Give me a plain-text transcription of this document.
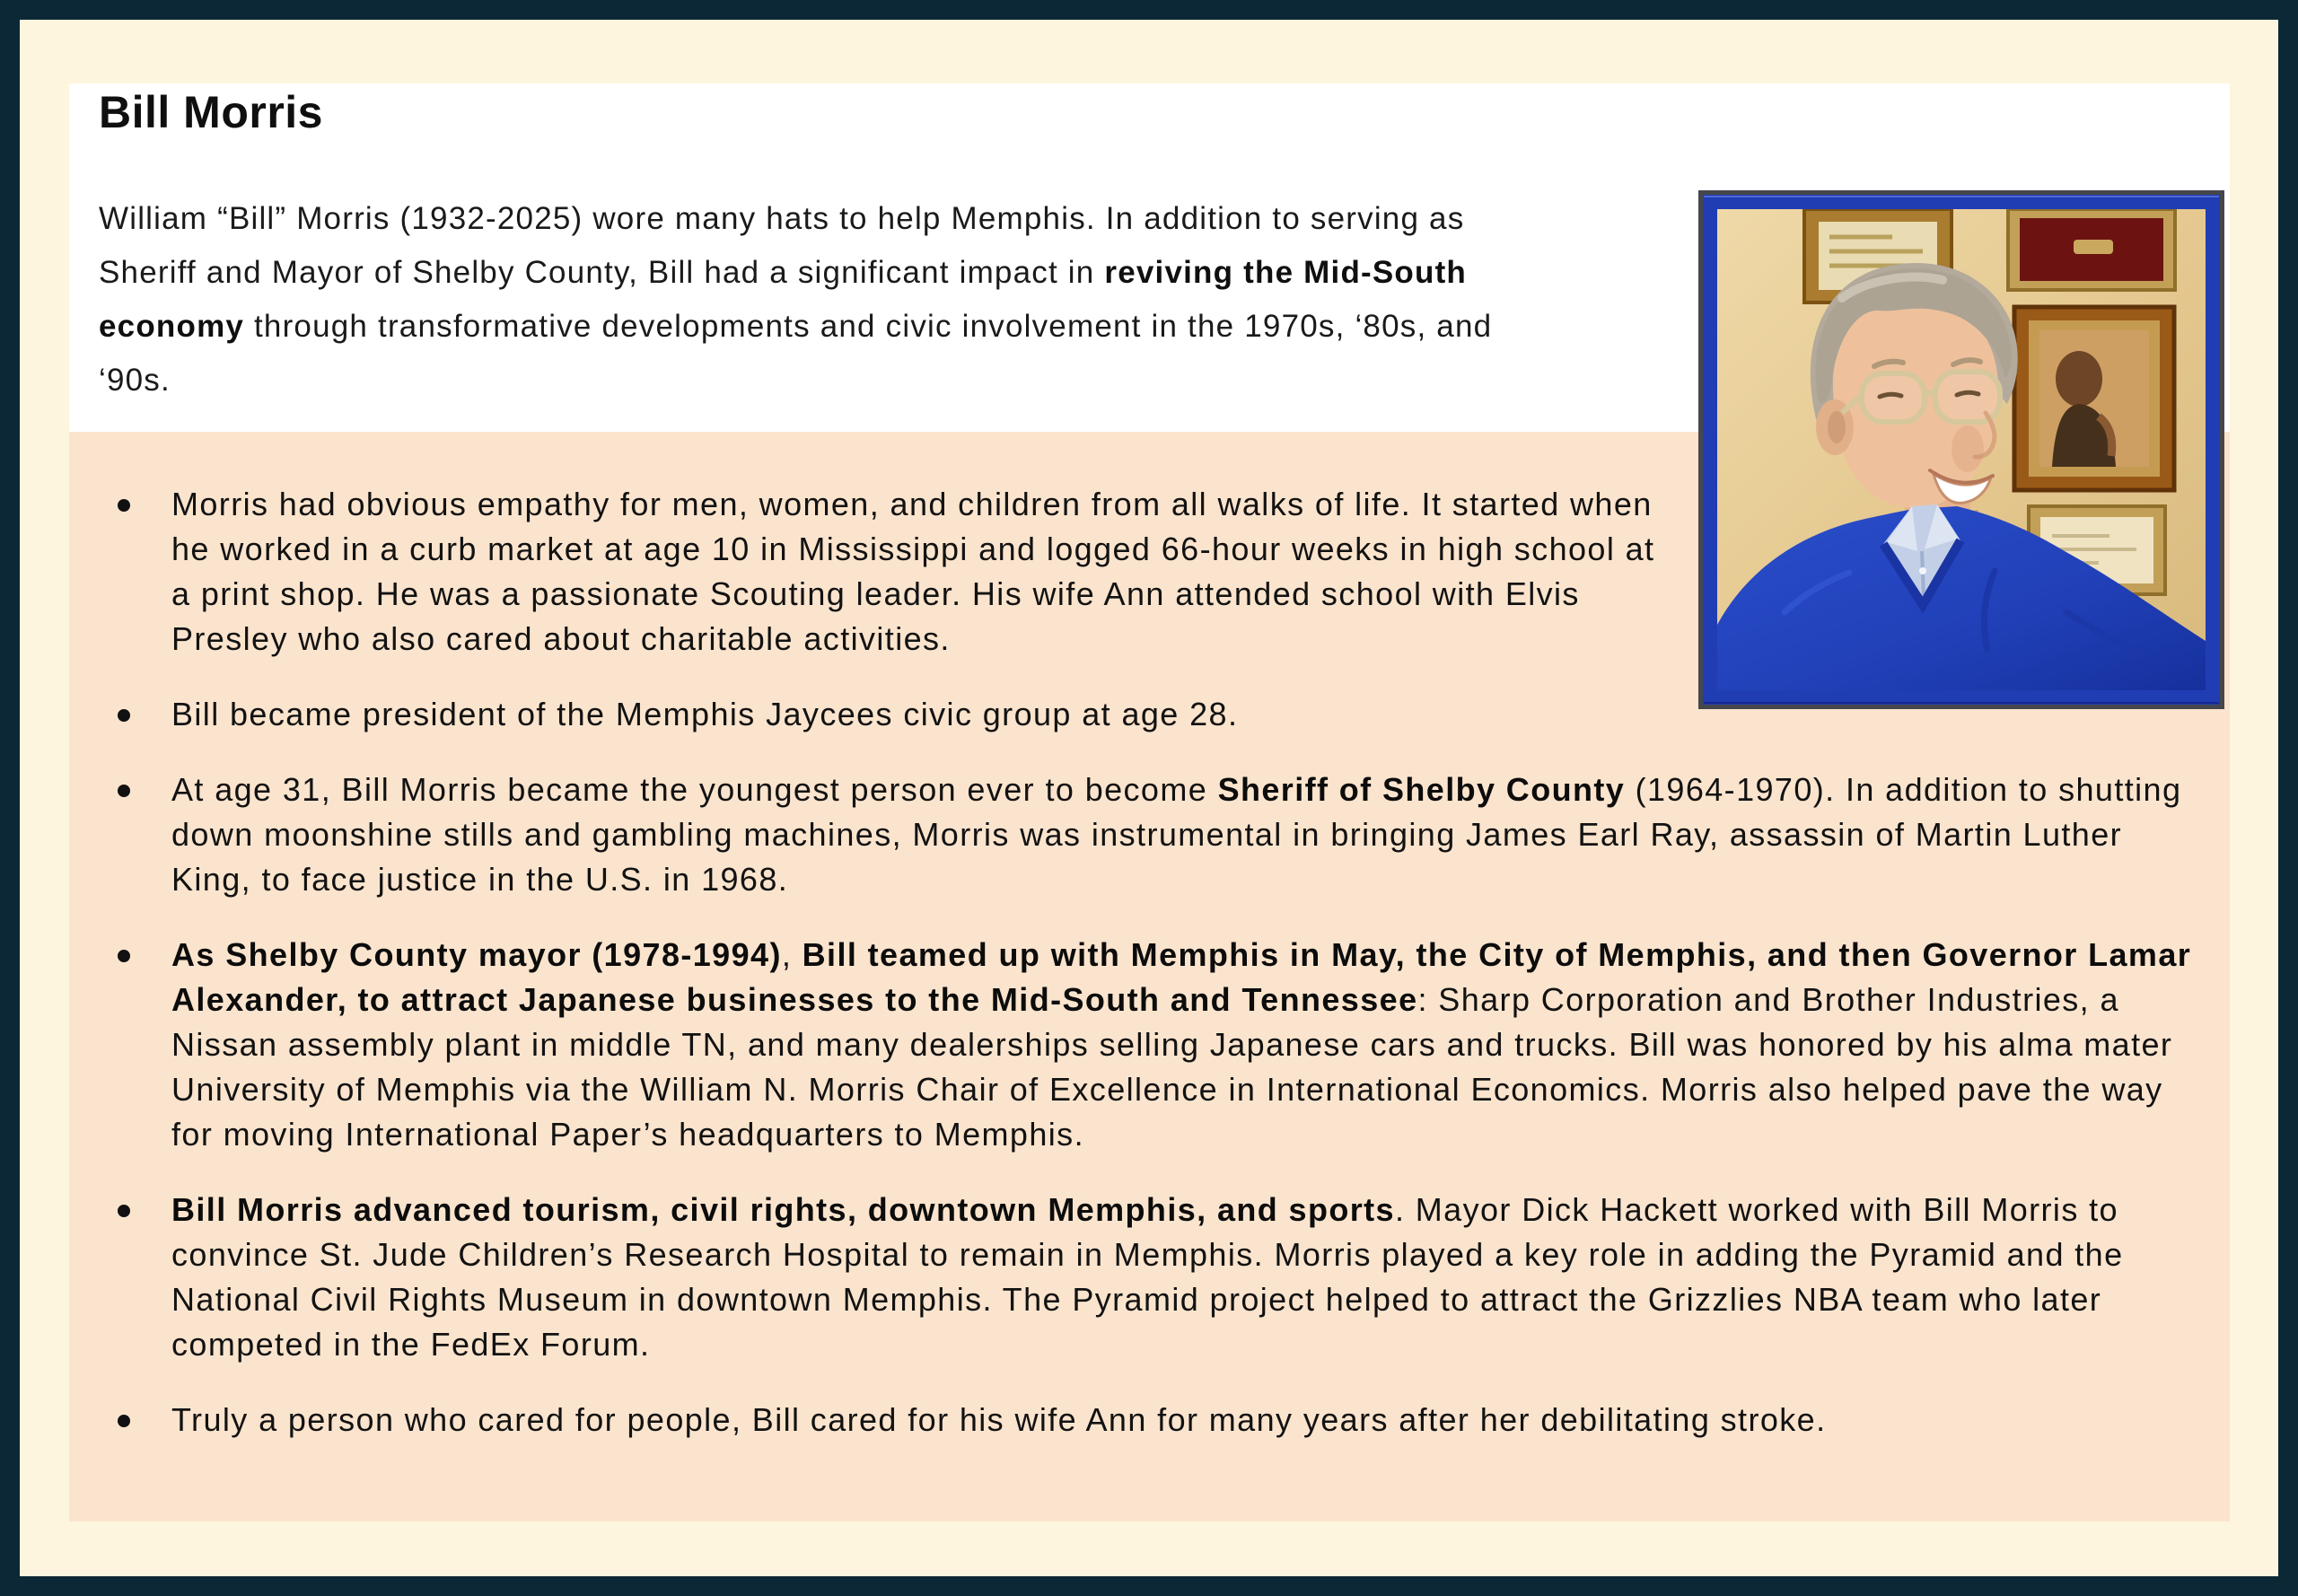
Bill Morris

William “Bill” Morris (1932-2025) wore many hats to help Memphis. In addition to serving as Sheriff and Mayor of Shelby County, Bill had a significant impact in reviving the Mid-South economy through transformative developments and civic involvement in the 1970s, ‘80s, and ‘90s.

Morris had obvious empathy for men, women, and children from all walks of life. It started when he worked in a curb market at age 10 in Mississippi and logged 66-hour weeks in high school at a print shop. He was a passionate Scouting leader. His wife Ann attended school with Elvis Presley who also cared about charitable activities.
Bill became president of the Memphis Jaycees civic group at age 28.
At age 31, Bill Morris became the youngest person ever to become Sheriff of Shelby County (1964-1970). In addition to shutting down moonshine stills and gambling machines, Morris was instrumental in bringing James Earl Ray, assassin of Martin Luther King, to face justice in the U.S. in 1968.
As Shelby County mayor (1978-1994), Bill teamed up with Memphis in May, the City of Memphis, and then Governor Lamar Alexander, to attract Japanese businesses to the Mid-South and Tennessee: Sharp Corporation and Brother Industries, a Nissan assembly plant in middle TN, and many dealerships selling Japanese cars and trucks. Bill was honored by his alma mater University of Memphis via the William N. Morris Chair of Excellence in International Economics. Morris also helped pave the way for moving International Paper’s headquarters to Memphis.
Bill Morris advanced tourism, civil rights, downtown Memphis, and sports. Mayor Dick Hackett worked with Bill Morris to convince St. Jude Children’s Research Hospital to remain in Memphis. Morris played a key role in adding the Pyramid and the National Civil Rights Museum in downtown Memphis. The Pyramid project helped to attract the Grizzlies NBA team who later competed in the FedEx Forum.
Truly a person who cared for people, Bill cared for his wife Ann for many years after her debilitating stroke.
